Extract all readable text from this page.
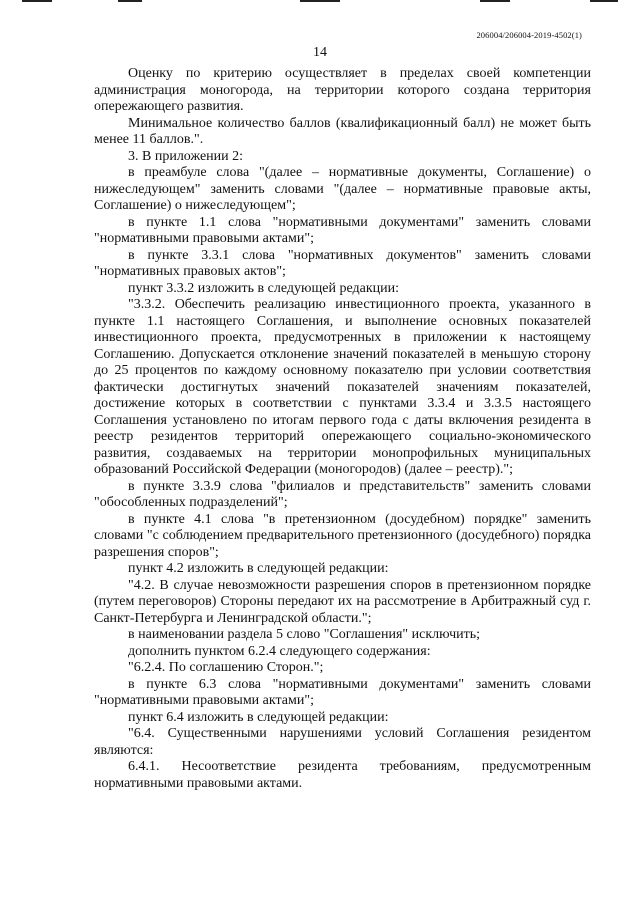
206004/206004-2019-4502(1)
14

Оценку по критерию осуществляет в пределах своей компетенции администрация моногорода, на территории которого создана территория опережающего развития.

Минимальное количество баллов (квалификационный балл) не может быть менее 11 баллов.".

3. В приложении 2:

в преамбуле слова "(далее – нормативные документы, Соглашение) о нижеследующем" заменить словами "(далее – нормативные правовые акты, Соглашение) о нижеследующем";

в пункте 1.1 слова "нормативными документами" заменить словами "нормативными правовыми актами";

в пункте 3.3.1 слова "нормативных документов" заменить словами "нормативных правовых актов";

пункт 3.3.2 изложить в следующей редакции:

"3.3.2. Обеспечить реализацию инвестиционного проекта, указанного в пункте 1.1 настоящего Соглашения, и выполнение основных показателей инвестиционного проекта, предусмотренных в приложении к настоящему Соглашению. Допускается отклонение значений показателей в меньшую сторону до 25 процентов по каждому основному показателю при условии соответствия фактически достигнутых значений показателей значениям показателей, достижение которых в соответствии с пунктами 3.3.4 и 3.3.5 настоящего Соглашения установлено по итогам первого года с даты включения резидента в реестр резидентов территорий опережающего социально-экономического развития, создаваемых на территории монопрофильных муниципальных образований Российской Федерации (моногородов) (далее – реестр).";

в пункте 3.3.9 слова "филиалов и представительств" заменить словами "обособленных подразделений";

в пункте 4.1 слова "в претензионном (досудебном) порядке" заменить словами "с соблюдением предварительного претензионного (досудебного) порядка разрешения споров";

пункт 4.2 изложить в следующей редакции:

"4.2. В случае невозможности разрешения споров в претензионном порядке (путем переговоров) Стороны передают их на рассмотрение в Арбитражный суд г. Санкт-Петербурга и Ленинградской области.";

в наименовании раздела 5 слово "Соглашения" исключить;

дополнить пунктом 6.2.4 следующего содержания:

"6.2.4. По соглашению Сторон.";

в пункте 6.3 слова "нормативными документами" заменить словами "нормативными правовыми актами";

пункт 6.4 изложить в следующей редакции:

"6.4. Существенными нарушениями условий Соглашения резидентом являются:

6.4.1. Несоответствие резидента требованиям, предусмотренным нормативными правовыми актами.
